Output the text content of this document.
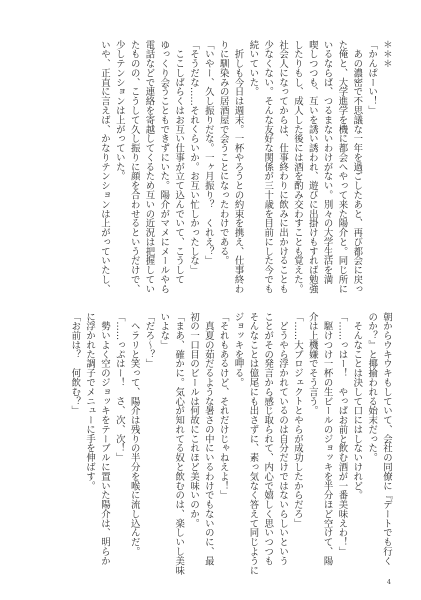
＊＊＊
「かんぱーい！」
　あの濃密で不思議な一年を過ごしたあと、再び都会に戻っ
た俺と、大学進学を機に都会へやって来た陽介と。同じ所に
いるならば、つるまないわけがない。別々の大学生活を満
喫しつつも、互いを誘い誘われ、遊びに出掛けもすれば勉強
したりもし、成人した後には酒を酌み交わすことも覚えた。
社会人になってからは、仕事終わりに飲みに出かけることも
少なくない。そんな友好な関係が三十歳を目前にした今でも
続いていた。
　折しも今日は週末。一杯やろうとの約束を携え、仕事終わ
りに馴染みの居酒屋で会うことになったわけである。
「いやー、久し振りだな。一ヶ月振り？　くれえ？」
「そうだな……それくらいか。お互い忙しかったしな」
　ここしばらくはお互い仕事が立て込んでいて、こうして
ゆっくり会うこともできずにいた。陽介がマメにメールやら
電話などで連絡を寄越してくるため互いの近況は把握してい
たものの、こうして久し振りに顔を合わせるというだけで、
少しテンションは上がっていた。
いや、正直に言えば、かなりテンションは上がっていたし、
朝からウキウキもしていて、会社の同僚に『デートでも行く
のか？』と揶揄われる始末だった。
　そんなことは決して口にはしないけれど。
「……っはー！　やっぱお前と飲む酒が一番美味えわ！」
　駆けつけ一杯の生ビールのジョッキを半分ほど空けて、陽
介は上機嫌でそう言う。
「……大プロジェクトとやらが成功したからだろ」
　どうやら浮かれているのは自分だけではないらしいという
ことがその発言から感じ取られて、内心で嬉しく思いつつも
そんなことは億尾にも出さずに、素っ気なく答えて同じように
ジョッキを呷る。
「それもあるけど、それだけじゃねえよ！」
　真夏の茹だるような暑さの中にいるわけでもないのに、最
初の一口目のビールは何故にこれほど美味いのか。
「まあ、確かに。気心が知れてる奴と飲むのは、楽しいし美味
いよな」
「だろ〜？」
　ヘラリと笑って、陽介は残りの半分を喉に流し込んだ。
「……っぷはー！　さ、次、次！」
　勢いよく空のジョッキをテーブルに置いた陽介は、明らか
に浮かれた調子でメニューに手を伸ばす。
「お前は？　何飲む？」
4
